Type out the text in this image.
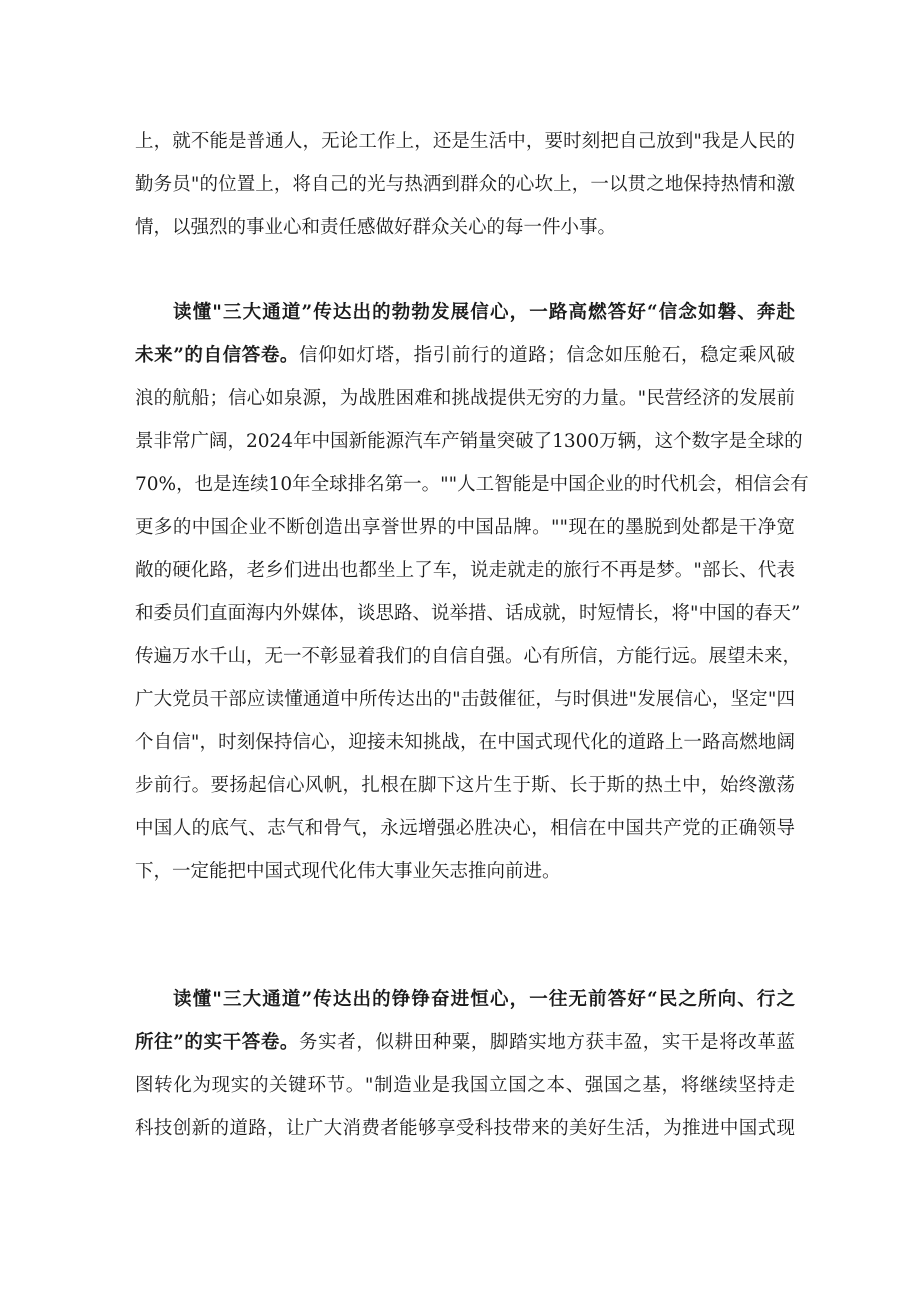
上，就不能是普通人，无论工作上，还是生活中，要时刻把自己放到"我是人民的
勤务员"的位置上，将自己的光与热洒到群众的心坎上，一以贯之地保持热情和激
情，以强烈的事业心和责任感做好群众关心的每一件小事。
读懂"三大通道”传达出的勃勃发展信心，一路高燃答好“信念如磐、奔赴
未来”的自信答卷。信仰如灯塔，指引前行的道路；信念如压舱石，稳定乘风破
浪的航船；信心如泉源，为战胜困难和挑战提供无穷的力量。"民营经济的发展前
景非常广阔，2024年中国新能源汽车产销量突破了1300万辆，这个数字是全球的
70%，也是连续10年全球排名第一。""人工智能是中国企业的时代机会，相信会有
更多的中国企业不断创造出享誉世界的中国品牌。""现在的墨脱到处都是干净宽
敞的硬化路，老乡们进出也都坐上了车，说走就走的旅行不再是梦。"部长、代表
和委员们直面海内外媒体，谈思路、说举措、话成就，时短情长，将"中国的春天”
传遍万水千山，无一不彰显着我们的自信自强。心有所信，方能行远。展望未来，
广大党员干部应读懂通道中所传达出的"击鼓催征，与时俱进"发展信心，坚定"四
个自信"，时刻保持信心，迎接未知挑战，在中国式现代化的道路上一路高燃地阔
步前行。要扬起信心风帆，扎根在脚下这片生于斯、长于斯的热土中，始终激荡
中国人的底气、志气和骨气，永远增强必胜决心，相信在中国共产党的正确领导
下，一定能把中国式现代化伟大事业矢志推向前进。
读懂"三大通道”传达出的铮铮奋进恒心，一往无前答好“民之所向、行之
所往”的实干答卷。务实者，似耕田种粟，脚踏实地方获丰盈，实干是将改革蓝
图转化为现实的关键环节。"制造业是我国立国之本、强国之基，将继续坚持走
科技创新的道路，让广大消费者能够享受科技带来的美好生活，为推进中国式现
